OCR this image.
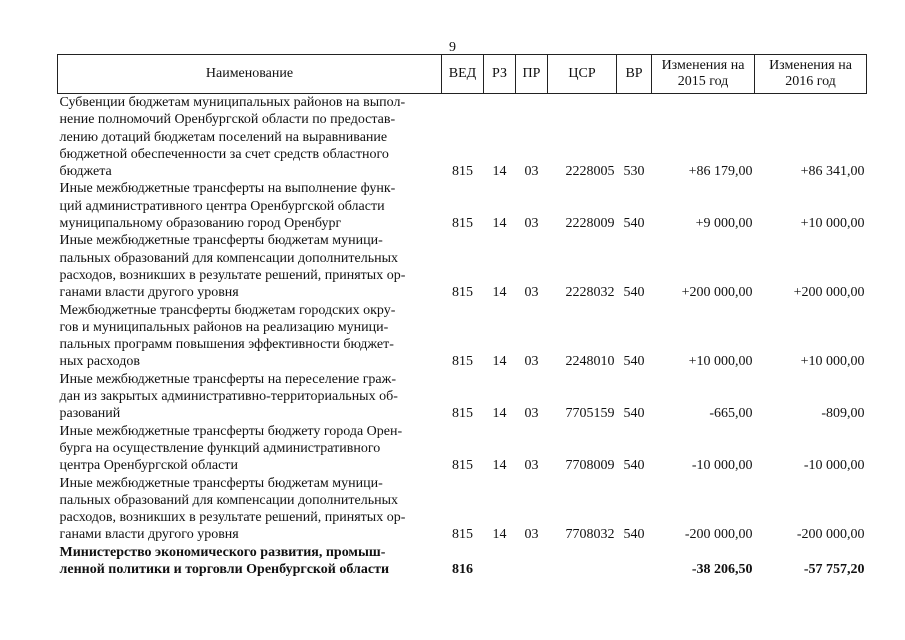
9
Наименование	ВЕД	РЗ	ПР	ЦСР	ВР	Изменения на 2015 год	Изменения на 2016 год
Субвенции бюджетам муниципальных районов на выпол-
нение полномочий Оренбургской области по предостав-
лению дотаций бюджетам поселений на выравнивание
бюджетной обеспеченности за счет средств областного
бюджета	815	14	03	2228005	530	+86 179,00	+86 341,00
Иные межбюджетные трансферты на выполнение функ-
ций административного центра Оренбургской области
муниципальному образованию город Оренбург	815	14	03	2228009	540	+9 000,00	+10 000,00
Иные межбюджетные трансферты бюджетам муници-
пальных образований для компенсации дополнительных
расходов, возникших в результате решений, принятых ор-
ганами власти другого уровня	815	14	03	2228032	540	+200 000,00	+200 000,00
Межбюджетные трансферты бюджетам городских окру-
гов и муниципальных районов на реализацию муници-
пальных программ повышения эффективности бюджет-
ных расходов	815	14	03	2248010	540	+10 000,00	+10 000,00
Иные межбюджетные трансферты на переселение граж-
дан из закрытых административно-территориальных об-
разований	815	14	03	7705159	540	-665,00	-809,00
Иные межбюджетные трансферты бюджету города Орен-
бурга на осуществление функций административного
центра Оренбургской области	815	14	03	7708009	540	-10 000,00	-10 000,00
Иные межбюджетные трансферты бюджетам муници-
пальных образований для компенсации дополнительных
расходов, возникших в результате решений, принятых ор-
ганами власти другого уровня	815	14	03	7708032	540	-200 000,00	-200 000,00
Министерство экономического развития, промыш-
ленной политики и торговли Оренбургской области	816					-38 206,50	-57 757,20
